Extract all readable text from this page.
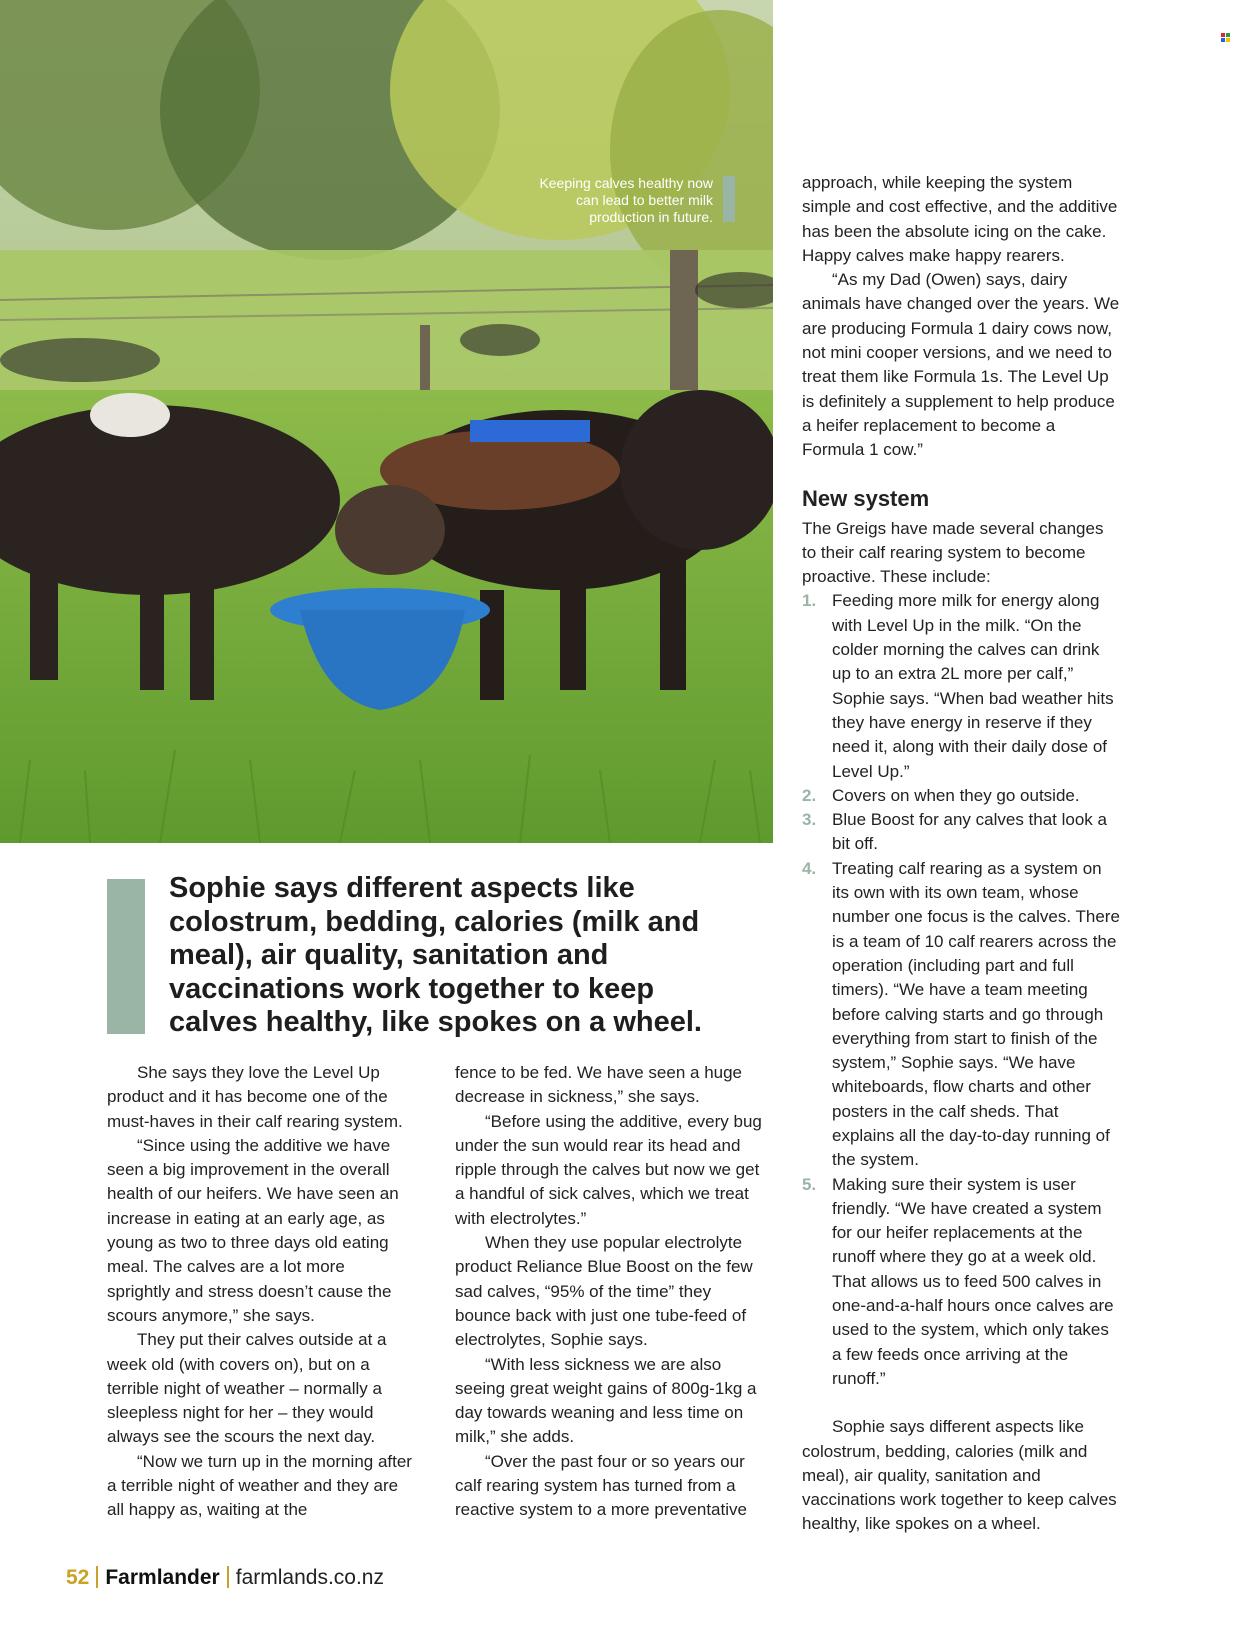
Keeping calves healthy now can lead to better milk production in future.
Sophie says different aspects like colostrum, bedding, calories (milk and meal), air quality, sanitation and vaccinations work together to keep calves healthy, like spokes on a wheel.

She says they love the Level Up product and it has become one of the must-haves in their calf rearing system.

“Since using the additive we have seen a big improvement in the overall health of our heifers. We have seen an increase in eating at an early age, as young as two to three days old eating meal. The calves are a lot more sprightly and stress doesn’t cause the scours anymore,” she says.

They put their calves outside at a week old (with covers on), but on a terrible night of weather – normally a sleepless night for her – they would always see the scours the next day.

“Now we turn up in the morning after a terrible night of weather and they are all happy as, waiting at the

fence to be fed. We have seen a huge decrease in sickness,” she says.

“Before using the additive, every bug under the sun would rear its head and ripple through the calves but now we get a handful of sick calves, which we treat with electrolytes.”

When they use popular electrolyte product Reliance Blue Boost on the few sad calves, “95% of the time” they bounce back with just one tube-feed of electrolytes, Sophie says.

“With less sickness we are also seeing great weight gains of 800g-1kg a day towards weaning and less time on milk,” she adds.

“Over the past four or so years our calf rearing system has turned from a reactive system to a more preventative

approach, while keeping the system simple and cost effective, and the additive has been the absolute icing on the cake. Happy calves make happy rearers.

“As my Dad (Owen) says, dairy animals have changed over the years. We are producing Formula 1 dairy cows now, not mini cooper versions, and we need to treat them like Formula 1s. The Level Up is definitely a supplement to help produce a heifer replacement to become a Formula 1 cow.”

New system

The Greigs have made several changes to their calf rearing system to become proactive. These include:

1. Feeding more milk for energy along with Level Up in the milk. “On the colder morning the calves can drink up to an extra 2L more per calf,” Sophie says. “When bad weather hits they have energy in reserve if they need it, along with their daily dose of Level Up.”
2. Covers on when they go outside.
3. Blue Boost for any calves that look a bit off.
4. Treating calf rearing as a system on its own with its own team, whose number one focus is the calves. There is a team of 10 calf rearers across the operation (including part and full timers). “We have a team meeting before calving starts and go through everything from start to finish of the system,” Sophie says. “We have whiteboards, flow charts and other posters in the calf sheds. That explains all the day-to-day running of the system.
5. Making sure their system is user friendly. “We have created a system for our heifer replacements at the runoff where they go at a week old. That allows us to feed 500 calves in one-and-a-half hours once calves are used to the system, which only takes a few feeds once arriving at the runoff.”

Sophie says different aspects like colostrum, bedding, calories (milk and meal), air quality, sanitation and vaccinations work together to keep calves healthy, like spokes on a wheel.

52 Farmlander farmlands.co.nz
